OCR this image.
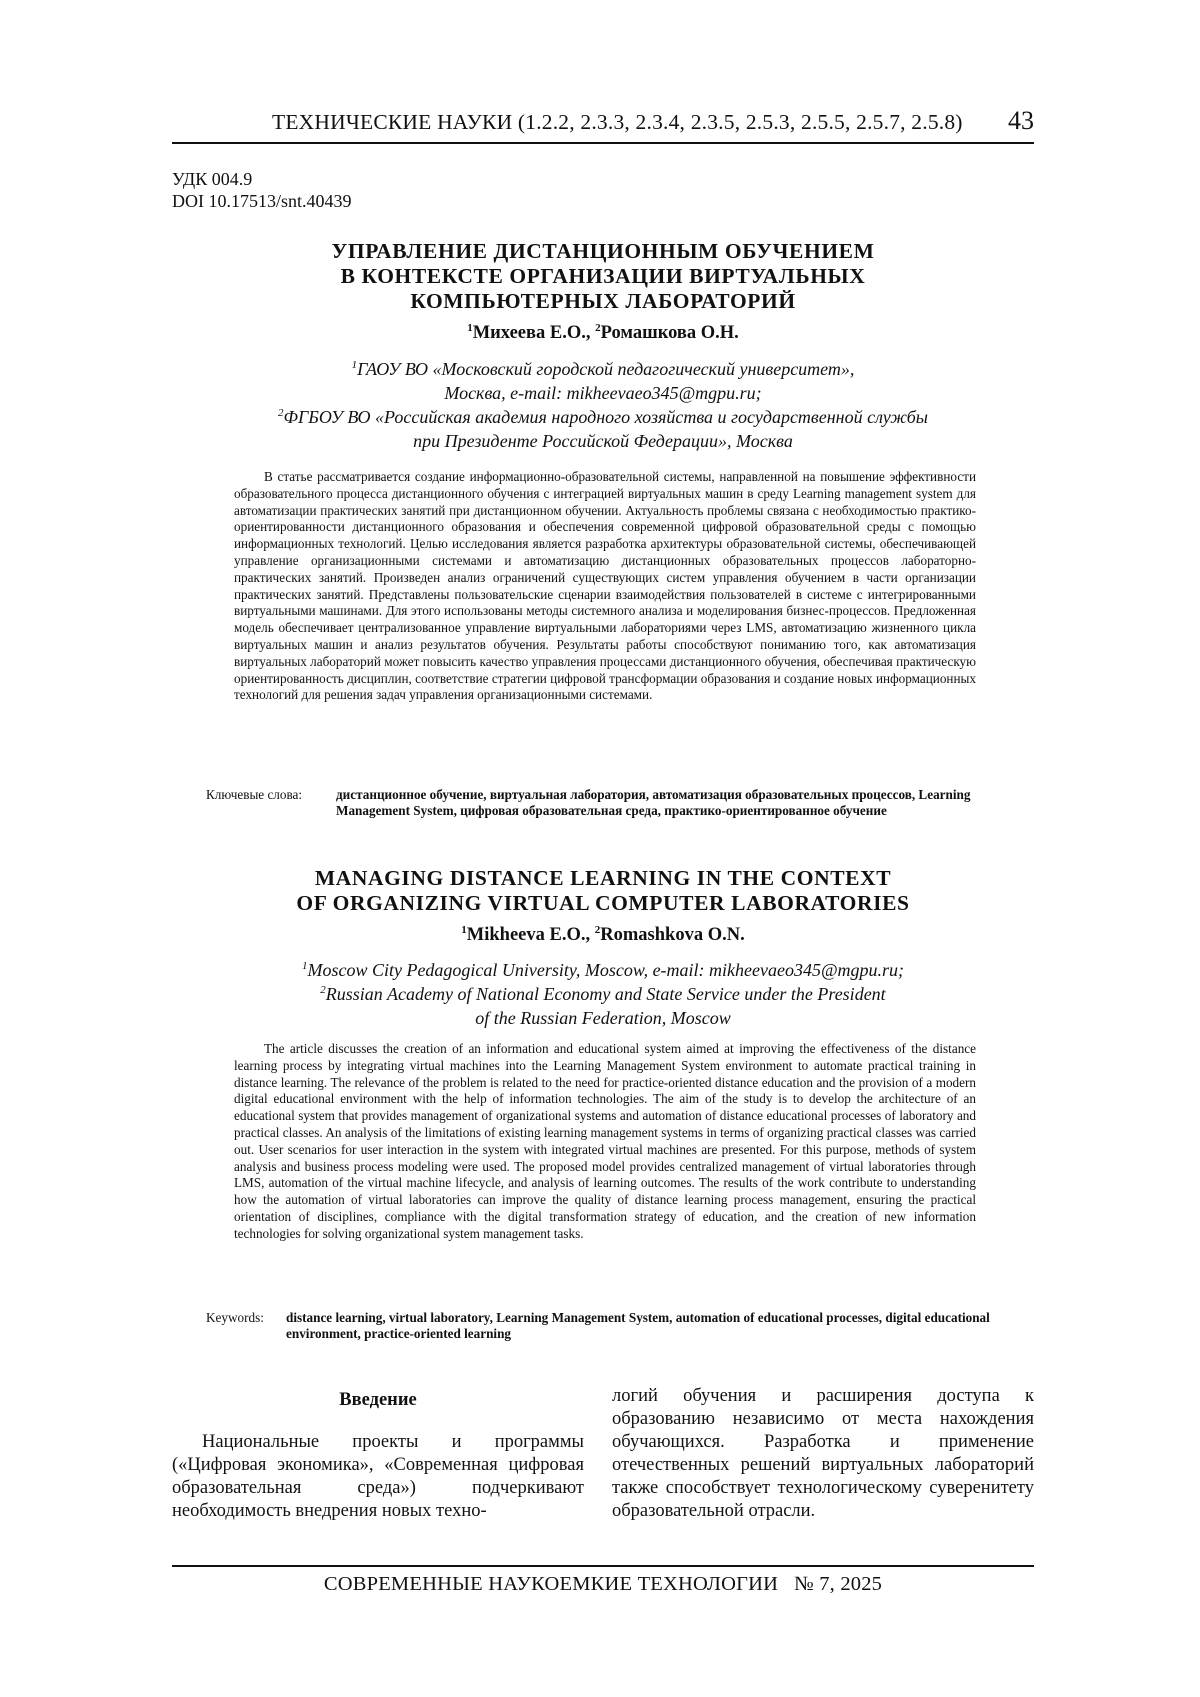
ТЕХНИЧЕСКИЕ НАУКИ (1.2.2, 2.3.3, 2.3.4, 2.3.5, 2.5.3, 2.5.5, 2.5.7, 2.5.8) 43
УДК 004.9
DOI 10.17513/snt.40439
УПРАВЛЕНИЕ ДИСТАНЦИОННЫМ ОБУЧЕНИЕМ
В КОНТЕКСТЕ ОРГАНИЗАЦИИ ВИРТУАЛЬНЫХ
КОМПЬЮТЕРНЫХ ЛАБОРАТОРИЙ
$^1$Михеева Е.О., $^2$Ромашкова О.Н.
$^1$ГАОУ ВО «Московский городской педагогический университет»,
Москва, e-mail: mikheevaeo345@mgpu.ru;
$^2$ФГБОУ ВО «Российская академия народного хозяйства и государственной службы
при Президенте Российской Федерации», Москва
В статье рассматривается создание информационно-образовательной системы, направленной на повышение эффективности образовательного процесса дистанционного обучения с интеграцией виртуальных машин в среду Learning management system для автоматизации практических занятий при дистанционном обучении. Актуальность проблемы связана с необходимостью практико-ориентированности дистанционного образования и обеспечения современной цифровой образовательной среды с помощью информационных технологий. Целью исследования является разработка архитектуры образовательной системы, обеспечивающей управление организационными системами и автоматизацию дистанционных образовательных процессов лабораторно-практических занятий. Произведен анализ ограничений существующих систем управления обучением в части организации практических занятий. Представлены пользовательские сценарии взаимодействия пользователей в системе с интегрированными виртуальными машинами. Для этого использованы методы системного анализа и моделирования бизнес-процессов. Предложенная модель обеспечивает централизованное управление виртуальными лабораториями через LMS, автоматизацию жизненного цикла виртуальных машин и анализ результатов обучения. Результаты работы способствуют пониманию того, как автоматизация виртуальных лабораторий может повысить качество управления процессами дистанционного обучения, обеспечивая практическую ориентированность дисциплин, соответствие стратегии цифровой трансформации образования и создание новых информационных технологий для решения задач управления организационными системами.
Ключевые слова:	дистанционное обучение, виртуальная лаборатория, автоматизация образовательных процессов, Learning Management System, цифровая образовательная среда, практико-ориентированное обучение
MANAGING DISTANCE LEARNING IN THE CONTEXT
OF ORGANIZING VIRTUAL COMPUTER LABORATORIES
$^1$Mikheeva E.O., $^2$Romashkova O.N.
$^1$Moscow City Pedagogical University, Moscow, e-mail: mikheevaeo345@mgpu.ru;
$^2$Russian Academy of National Economy and State Service under the President
of the Russian Federation, Moscow
The article discusses the creation of an information and educational system aimed at improving the effectiveness of the distance learning process by integrating virtual machines into the Learning Management System environment to automate practical training in distance learning. The relevance of the problem is related to the need for practice-oriented distance education and the provision of a modern digital educational environment with the help of information technologies. The aim of the study is to develop the architecture of an educational system that provides management of organizational systems and automation of distance educational processes of laboratory and practical classes. An analysis of the limitations of existing learning management systems in terms of organizing practical classes was carried out. User scenarios for user interaction in the system with integrated virtual machines are presented. For this purpose, methods of system analysis and business process modeling were used. The proposed model provides centralized management of virtual laboratories through LMS, automation of the virtual machine lifecycle, and analysis of learning outcomes. The results of the work contribute to understanding how the automation of virtual laboratories can improve the quality of distance learning process management, ensuring the practical orientation of disciplines, compliance with the digital transformation strategy of education, and the creation of new information technologies for solving organizational system management tasks.
Keywords: distance learning, virtual laboratory, Learning Management System, automation of educational processes, digital educational environment, practice-oriented learning
Введение
Национальные проекты и программы («Цифровая экономика», «Современная цифровая образовательная среда») подчеркивают необходимость внедрения новых техно-
логий обучения и расширения доступа к образованию независимо от места нахождения обучающихся. Разработка и применение отечественных решений виртуальных лабораторий также способствует технологическому суверенитету образовательной отрасли.
СОВРЕМЕННЫЕ НАУКОЕМКИЕ ТЕХНОЛОГИИ   № 7, 2025
